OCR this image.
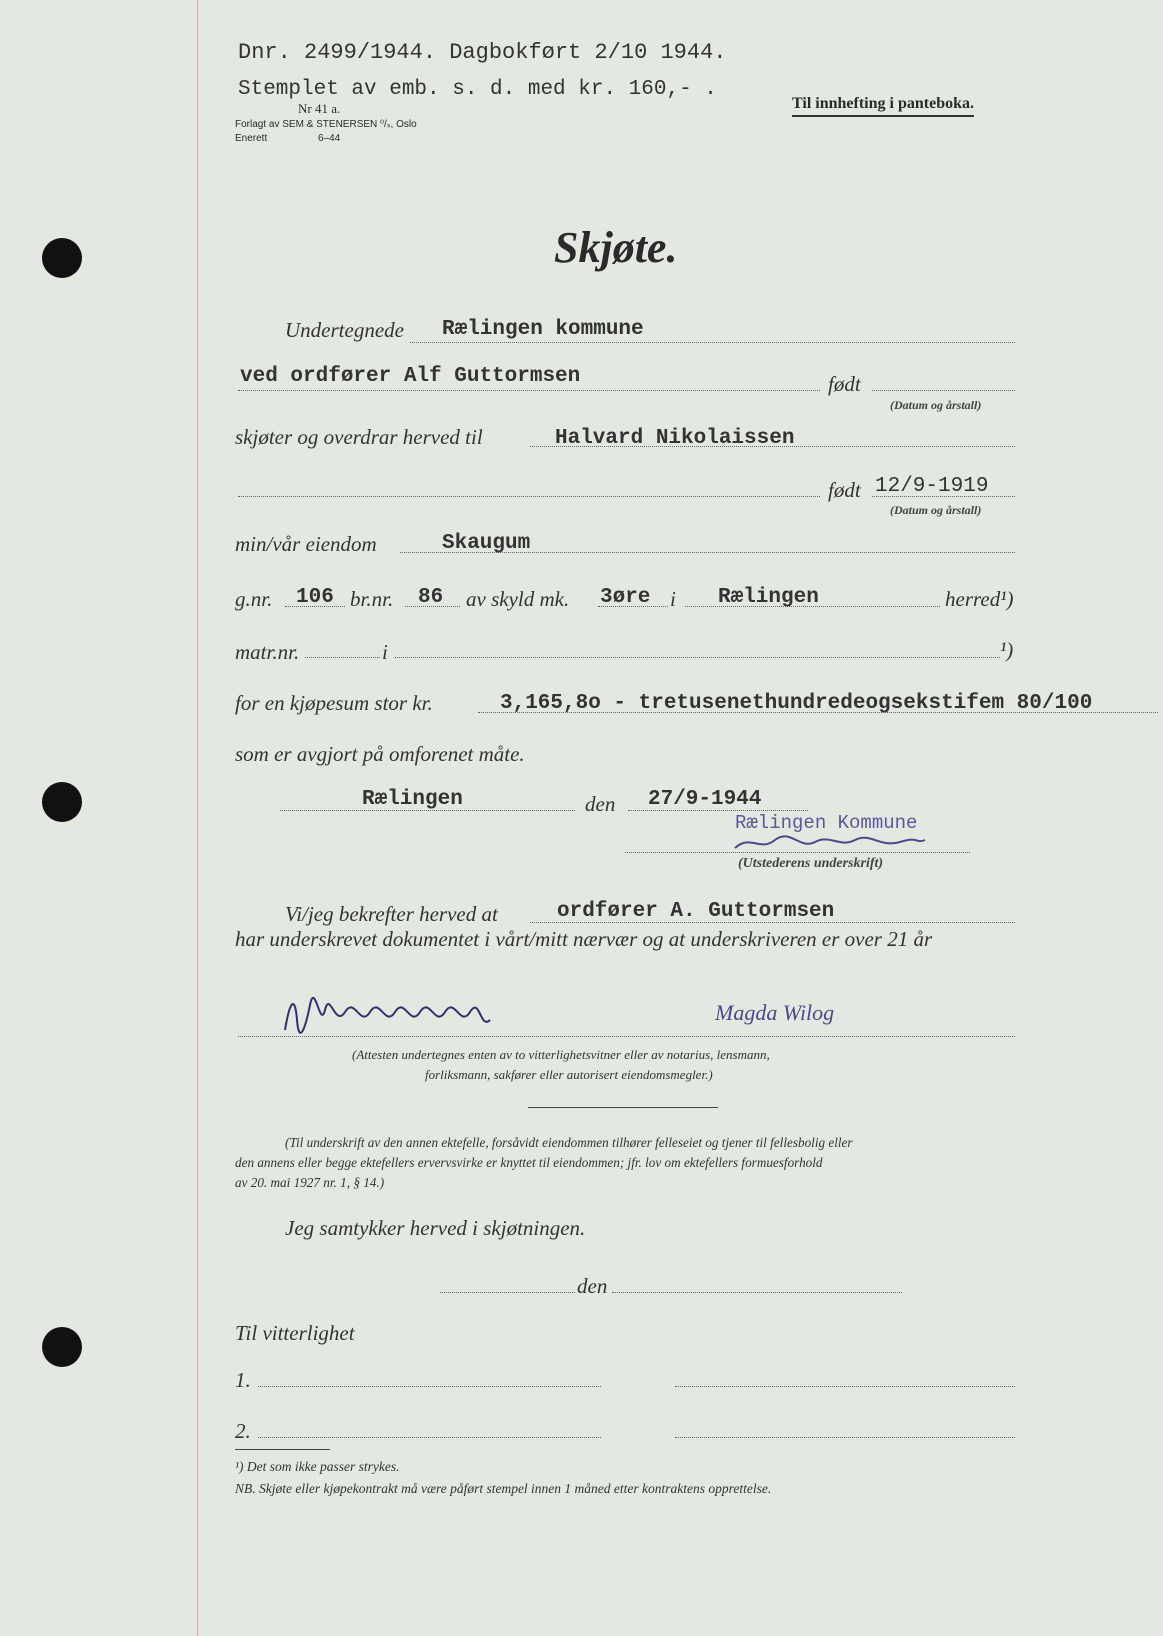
Dnr. 2499/1944. Dagbokført 2/10 1944.
Stemplet av emb. s. d. med kr. 160,- .
Nr 41 a.
Forlagt av SEM & STENERSEN ⁰/ₛ, Oslo
Enerett	6–44
Til innhefting i panteboka.
Skjøte.
Undertegnede Rælingen kommune
ved ordfører Alf Guttormsen	født
(Datum og årstall)
skjøter og overdrar herved til	Halvard Nikolaissen
født 12/9-1919
(Datum og årstall)
min/vår eiendom	Skaugum
g.nr. 106 br.nr. 86 av skyld mk. 3øre i Rælingen	herred¹)
matr.nr.	i	¹)
for en kjøpesum stor kr.	3,165,8o - tretusenethundredeogsekstifem 80/100
som er avgjort på omforenet måte.
Rælingen	den 27/9-1944
Rælingen Kommune
(Utstederens underskrift)
Vi/jeg bekrefter herved at	ordfører A. Guttormsen
har underskrevet dokumentet i vårt/mitt nærvær og at underskriveren er over 21 år
Magda Wilog
(Attesten undertegnes enten av to vitterlighetsvitner eller av notarius, lensmann,
forliksmann, sakfører eller autorisert eiendomsmegler.)
(Til underskrift av den annen ektefelle, forsåvidt eiendommen tilhører felleseiet og tjener til fellesbolig eller
den annens eller begge ektefellers ervervsvirke er knyttet til eiendommen; jfr. lov om ektefellers formuesforhold
av 20. mai 1927 nr. 1, § 14.)
Jeg samtykker herved i skjøtningen.
den
Til vitterlighet
1.
2.
¹) Det som ikke passer strykes.
NB. Skjøte eller kjøpekontrakt må være påført stempel innen 1 måned etter kontraktens opprettelse.
